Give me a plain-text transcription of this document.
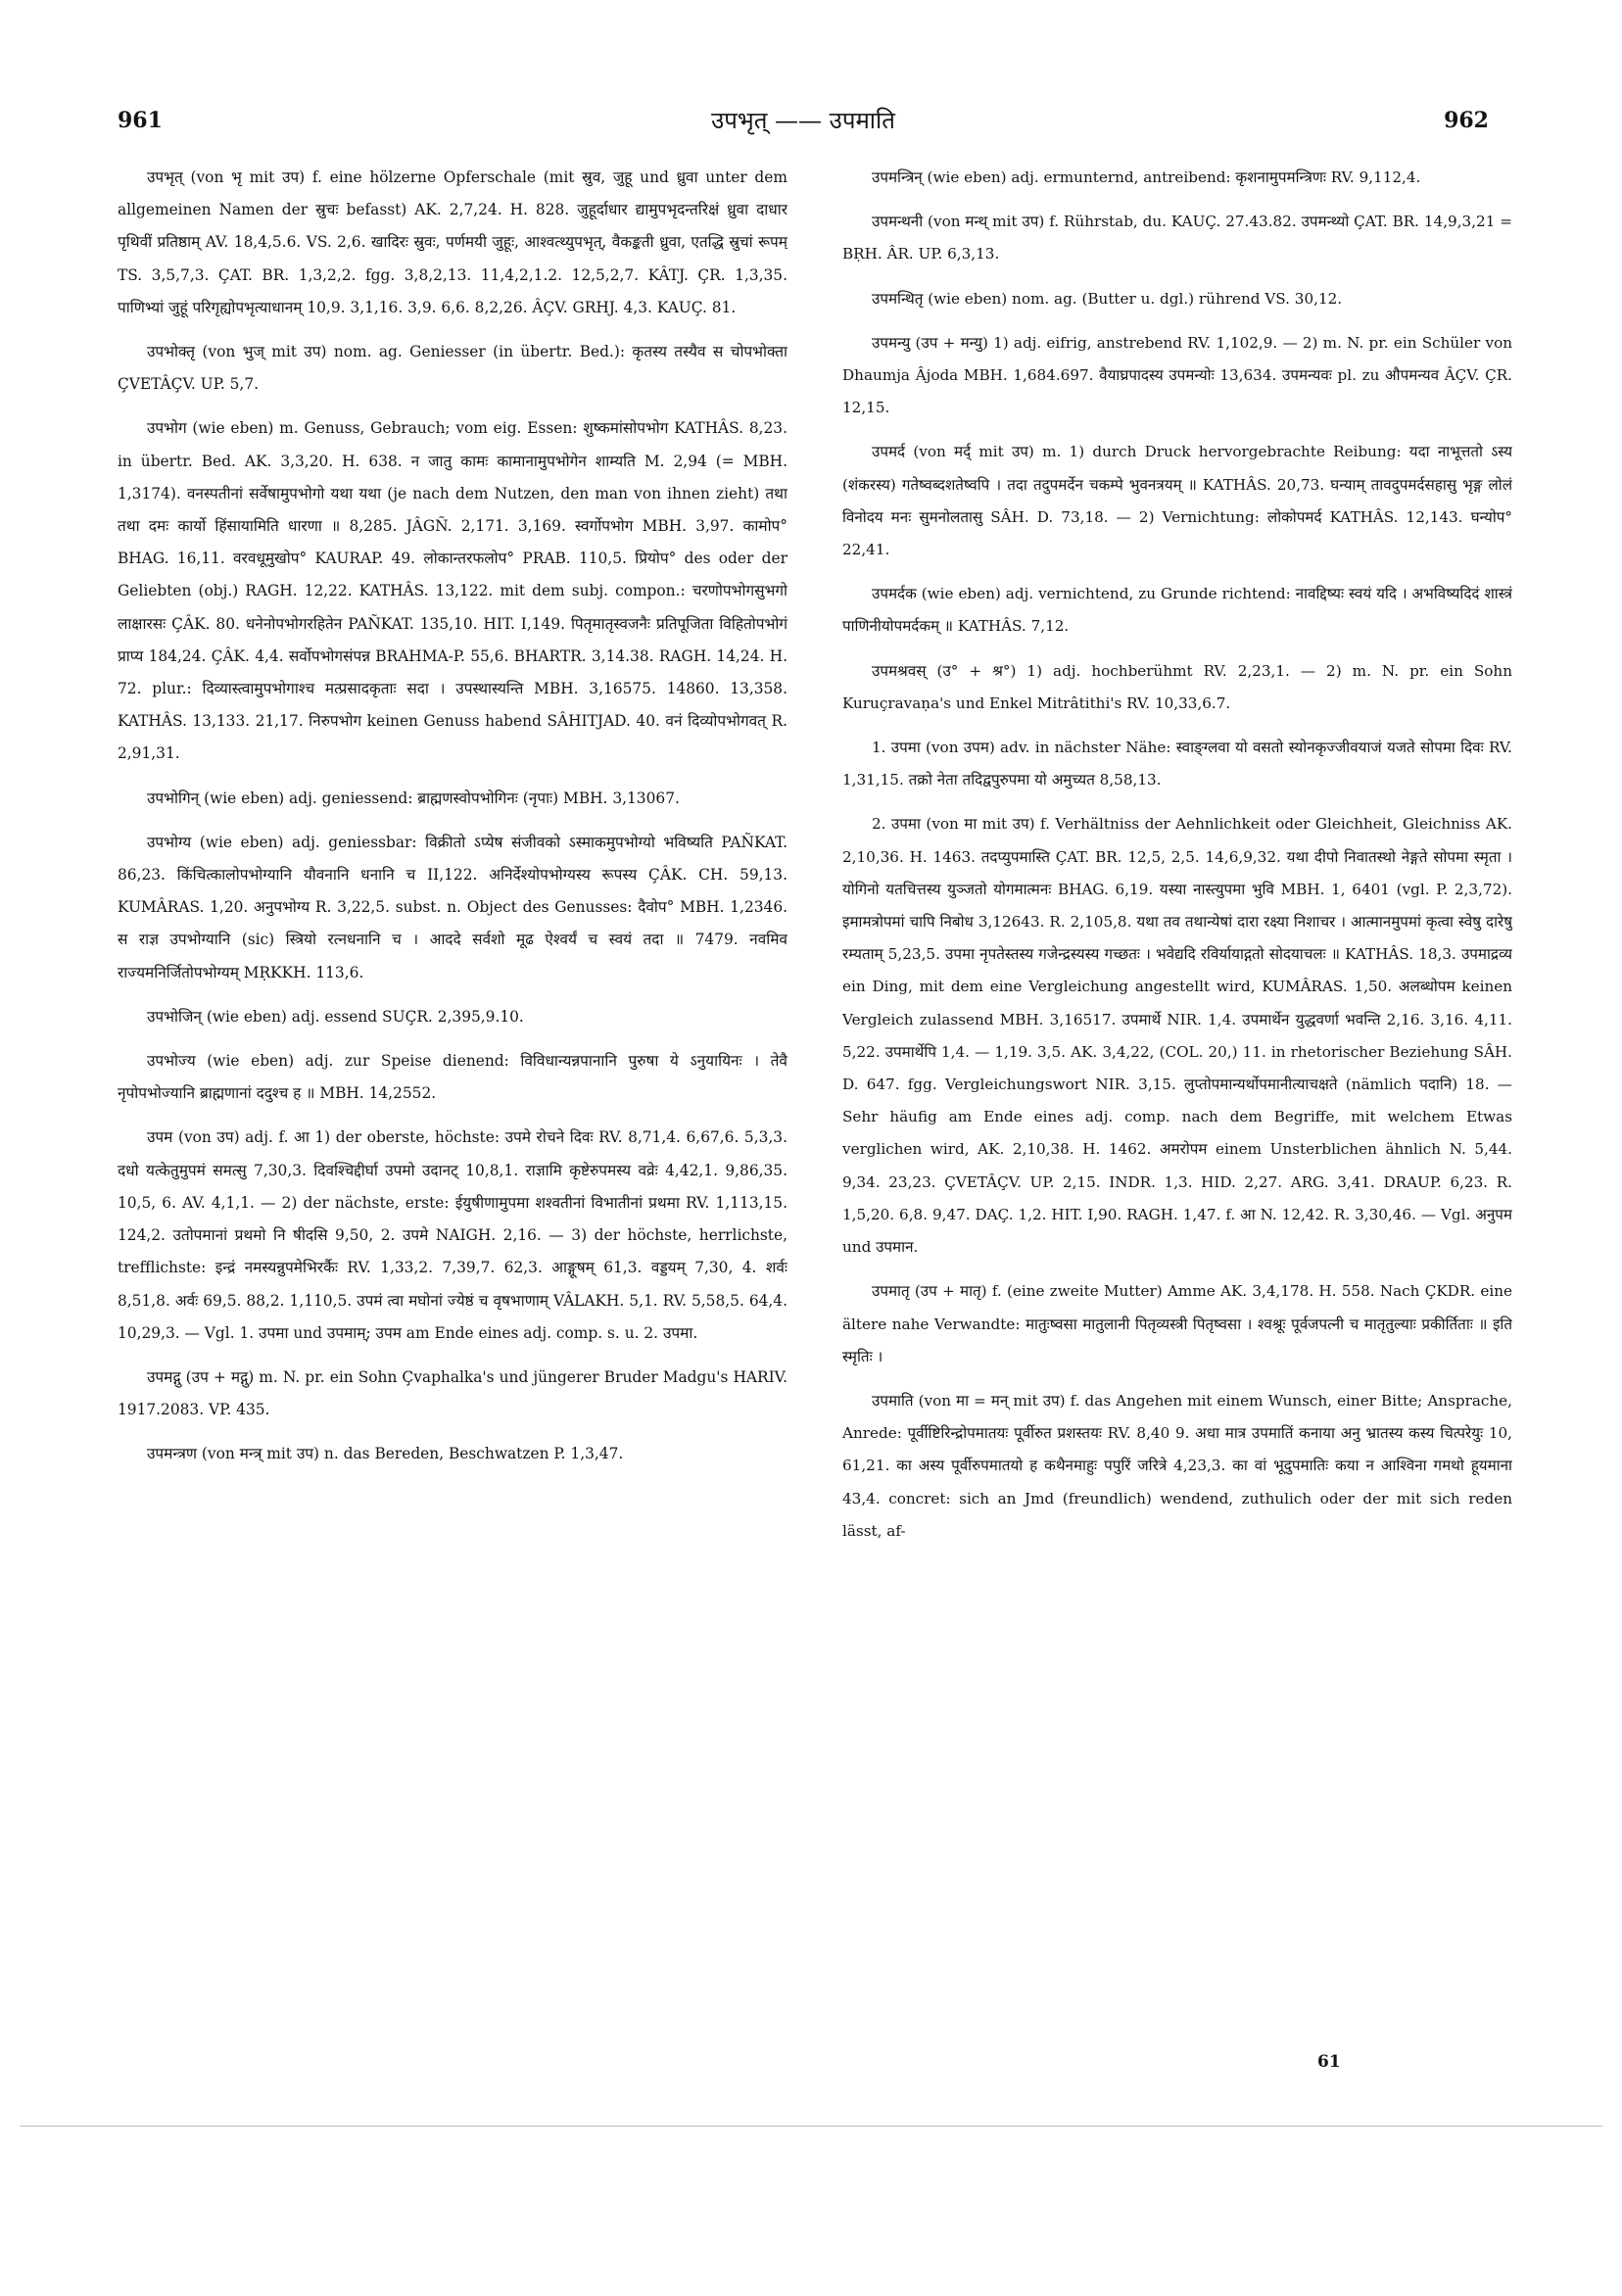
961	उपभृत् —— उपमाति	962

उपभृत् (von भृ mit उप) f. eine hölzerne Opferschale (mit स्रुव, जुहू und ध्रुवा unter dem allgemeinen Namen der स्रुचः befasst) AK. 2,7,24. H. 828. जुहूर्दाधार द्यामुपभृदन्तरिक्षं ध्रुवा दाधार पृथिवीं प्रतिष्ठाम् AV. 18,4,5.6. VS. 2,6. खादिरः स्रुवः, पर्णमयी जुहूः, आश्वत्थ्युपभृत्, वैकङ्कती ध्रुवा, एतद्धि स्रुचां रूपम् TS. 3,5,7,3. ÇAT. BR. 1,3,2,2. fgg. 3,8,2,13. 11,4,2,1.2. 12,5,2,7. KÂTJ. ÇR. 1,3,35. पाणिभ्यां जुहूं परिगृह्योपभृत्याधानम् 10,9. 3,1,16. 3,9. 6,6. 8,2,26. ÂÇV. GRHJ. 4,3. KAUÇ. 81.

उपभोक्तृ (von भुज् mit उप) nom. ag. Geniesser (in übertr. Bed.): कृतस्य तस्यैव स चोपभोक्ता ÇVETÂÇV. UP. 5,7.

उपभोग (wie eben) m. Genuss, Gebrauch; vom eig. Essen: शुष्कमांसोपभोग KATHÂS. 8,23. in übertr. Bed. AK. 3,3,20. H. 638. न जातु कामः कामानामुपभोगेन शाम्यति M. 2,94 (= MBH. 1,3174). वनस्पतीनां सर्वेषामुपभोगो यथा यथा (je nach dem Nutzen, den man von ihnen zieht) तथा तथा दमः कार्यो हिंसायामिति धारणा ॥ 8,285. JÂGÑ. 2,171. 3,169. स्वर्गोपभोग MBH. 3,97. कामोप° BHAG. 16,11. वरवधूमुखोप° KAURAP. 49. लोकान्तरफलोप° PRAB. 110,5. प्रियोप° des oder der Geliebten (obj.) RAGH. 12,22. KATHÂS. 13,122. mit dem subj. compon.: चरणोपभोगसुभगो लाक्षारसः ÇÂK. 80. धनेनोपभोगरहितेन PAÑKAT. 135,10. HIT. I,149. पितृमातृस्वजनैः प्रतिपूजिता विहितोपभोगं प्राप्य 184,24. ÇÂK. 4,4. सर्वोपभोगसंपन्न BRAHMA-P. 55,6. BHARTR. 3,14.38. RAGH. 14,24. H. 72. plur.: दिव्यास्त्वामुपभोगाश्च मत्प्रसादकृताः सदा । उपस्थास्यन्ति MBH. 3,16575. 14860. 13,358. KATHÂS. 13,133. 21,17. निरुपभोग keinen Genuss habend SÂHITJAD. 40. वनं दिव्योपभोगवत् R. 2,91,31.

उपभोगिन् (wie eben) adj. geniessend: ब्राह्मणस्वोपभोगिनः (नृपाः) MBH. 3,13067.

उपभोग्य (wie eben) adj. geniessbar: विक्रीतो ऽप्येष संजीवको ऽस्माकमुपभोग्यो भविष्यति PAÑKAT. 86,23. किंचित्कालोपभोग्यानि यौवनानि धनानि च II,122. अनिर्देश्योपभोग्यस्य रूपस्य ÇÂK. CH. 59,13. KUMÂRAS. 1,20. अनुपभोग्य R. 3,22,5. subst. n. Object des Genusses: दैवोप° MBH. 1,2346. स राज्ञ उपभोग्यानि (sic) स्त्रियो रत्नधनानि च । आददे सर्वशो मूढ ऐश्वर्यं च स्वयं तदा ॥ 7479. नवमिव राज्यमनिर्जितोपभोग्यम् MṚKKH. 113,6.

उपभोजिन् (wie eben) adj. essend SUÇR. 2,395,9.10.

उपभोज्य (wie eben) adj. zur Speise dienend: विविधान्यन्नपानानि पुरुषा ये ऽनुयायिनः । तेवै नृपोपभोज्यानि ब्राह्मणानां ददुश्च ह ॥ MBH. 14,2552.

उपम (von उप) adj. f. आ 1) der oberste, höchste: उपमे रोचने दिवः RV. 8,71,4. 6,67,6. 5,3,3. दधो यत्केतुमुपमं समत्सु 7,30,3. दिवश्चिद्दीर्घा उपमो उदानट् 10,8,1. राज्ञामि कृष्टेरुपमस्य वव्रेः 4,42,1. 9,86,35. 10,5, 6. AV. 4,1,1. — 2) der nächste, erste: ईयुषीणामुपमा शश्वतीनां विभातीनां प्रथमा RV. 1,113,15. 124,2. उतोपमानां प्रथमो नि षीदसि 9,50, 2. उपमे NAIGH. 2,16. — 3) der höchste, herrlichste, trefflichste: इन्द्रं नमस्यन्नुपमेभिरर्कैः RV. 1,33,2. 7,39,7. 62,3. आङ्गूषम् 61,3. वड्डयम् 7,30, 4. शर्वः 8,51,8. अर्वः 69,5. 88,2. 1,110,5. उपमं त्वा मघोनां ज्येष्ठं च वृषभाणाम् VÂLAKH. 5,1. RV. 5,58,5. 64,4. 10,29,3. — Vgl. 1. उपमा und उपमाम्; उपम am Ende eines adj. comp. s. u. 2. उपमा.

उपमद्गु (उप + मद्गु) m. N. pr. ein Sohn Çvaphalka's und jüngerer Bruder Madgu's HARIV. 1917.2083. VP. 435.

उपमन्त्रण (von मन्त्र् mit उप) n. das Bereden, Beschwatzen P. 1,3,47.

उपमन्त्रिन् (wie eben) adj. ermunternd, antreibend: कृशनामुपमन्त्रिणः RV. 9,112,4.

उपमन्थनी (von मन्थ् mit उप) f. Rührstab, du. KAUÇ. 27.43.82. उपमन्थ्यो ÇAT. BR. 14,9,3,21 = BṚH. ÂR. UP. 6,3,13.

उपमन्थितृ (wie eben) nom. ag. (Butter u. dgl.) rührend VS. 30,12.

उपमन्यु (उप + मन्यु) 1) adj. eifrig, anstrebend RV. 1,102,9. — 2) m. N. pr. ein Schüler von Dhaumja Âjoda MBH. 1,684.697. वैयाघ्रपादस्य उपमन्योः 13,634. उपमन्यवः pl. zu औपमन्यव ÂÇV. ÇR. 12,15.

उपमर्द (von मर्द् mit उप) m. 1) durch Druck hervorgebrachte Reibung: यदा नाभूत्ततो ऽस्य (शंकरस्य) गतेष्वब्दशतेष्वपि । तदा तदुपमर्देन चकम्पे भुवनत्रयम् ॥ KATHÂS. 20,73. घन्याम् तावदुपमर्दसहासु भृङ्ग लोलं विनोदय मनः सुमनोलतासु SÂH. D. 73,18. — 2) Vernichtung: लोकोपमर्द KATHÂS. 12,143. घन्योप° 22,41.

उपमर्दक (wie eben) adj. vernichtend, zu Grunde richtend: नावद्दिष्यः स्वयं यदि । अभविष्यदिदं शास्त्रं पाणिनीयोपमर्दकम् ॥ KATHÂS. 7,12.

उपमश्रवस् (उ° + श्र°) 1) adj. hochberühmt RV. 2,23,1. — 2) m. N. pr. ein Sohn Kuruçravaṇa's und Enkel Mitrâtithi's RV. 10,33,6.7.

1. उपमा (von उपम) adv. in nächster Nähe: स्वाङ्ग्लवा यो वसतो स्योनकृज्जीवयाजं यजते सोपमा दिवः RV. 1,31,15. तक्रो नेता तदिद्वपुरुपमा यो अमुच्यत 8,58,13.

2. उपमा (von मा mit उप) f. Verhältniss der Aehnlichkeit oder Gleichheit, Gleichniss AK. 2,10,36. H. 1463. तदप्युपमास्ति ÇAT. BR. 12,5, 2,5. 14,6,9,32. यथा दीपो निवातस्थो नेङ्गते सोपमा स्मृता । योगिनो यतचित्तस्य युञ्जतो योगमात्मनः BHAG. 6,19. यस्या नास्त्युपमा भुवि MBH. 1, 6401 (vgl. P. 2,3,72). इमामत्रोपमां चापि निबोध 3,12643. R. 2,105,8. यथा तव तथान्येषां दारा रक्ष्या निशाचर । आत्मानमुपमां कृत्वा स्वेषु दारेषु रम्यताम् 5,23,5. उपमा नृपतेस्तस्य गजेन्द्रस्यस्य गच्छतः । भवेद्यदि रविर्यायाद्गतो सोदयाचलः ॥ KATHÂS. 18,3. उपमाद्रव्य ein Ding, mit dem eine Vergleichung angestellt wird, KUMÂRAS. 1,50. अलब्धोपम keinen Vergleich zulassend MBH. 3,16517. उपमार्थे NIR. 1,4. उपमार्थेन युद्धवर्णा भवन्ति 2,16. 3,16. 4,11. 5,22. उपमार्थेपि 1,4. — 1,19. 3,5. AK. 3,4,22, (COL. 20,) 11. in rhetorischer Beziehung SÂH. D. 647. fgg. Vergleichungswort NIR. 3,15. लुप्तोपमान्यर्थोपमानीत्याचक्षते (nämlich पदानि) 18. — Sehr häufig am Ende eines adj. comp. nach dem Begriffe, mit welchem Etwas verglichen wird, AK. 2,10,38. H. 1462. अमरोपम einem Unsterblichen ähnlich N. 5,44. 9,34. 23,23. ÇVETÂÇV. UP. 2,15. INDR. 1,3. HID. 2,27. ARG. 3,41. DRAUP. 6,23. R. 1,5,20. 6,8. 9,47. DAÇ. 1,2. HIT. I,90. RAGH. 1,47. f. आ N. 12,42. R. 3,30,46. — Vgl. अनुपम und उपमान.

उपमातृ (उप + मातृ) f. (eine zweite Mutter) Amme AK. 3,4,178. H. 558. Nach ÇKDR. eine ältere nahe Verwandte: मातुःष्वसा मातुलानी पितृव्यस्त्री पितृष्वसा । श्वश्रूः पूर्वजपत्नी च मातृतुल्याः प्रकीर्तिताः ॥ इति स्मृतिः ।

उपमाति (von मा = मन् mit उप) f. das Angehen mit einem Wunsch, einer Bitte; Ansprache, Anrede: पूर्वीष्टिरिन्द्रोपमातयः पूर्वीरुत प्रशस्तयः RV. 8,40 9. अधा मात्र उपमातिं कनाया अनु भ्रातस्य कस्य चित्परेयुः 10, 61,21. का अस्य पूर्वीरुपमातयो ह कथैनमाहुः पपुरिं जरित्रे 4,23,3. का वां भूदुपमातिः कया न आश्विना गमथो हूयमाना 43,4. concret: sich an Jmd (freundlich) wendend, zuthulich oder der mit sich reden lässt, af-

61
